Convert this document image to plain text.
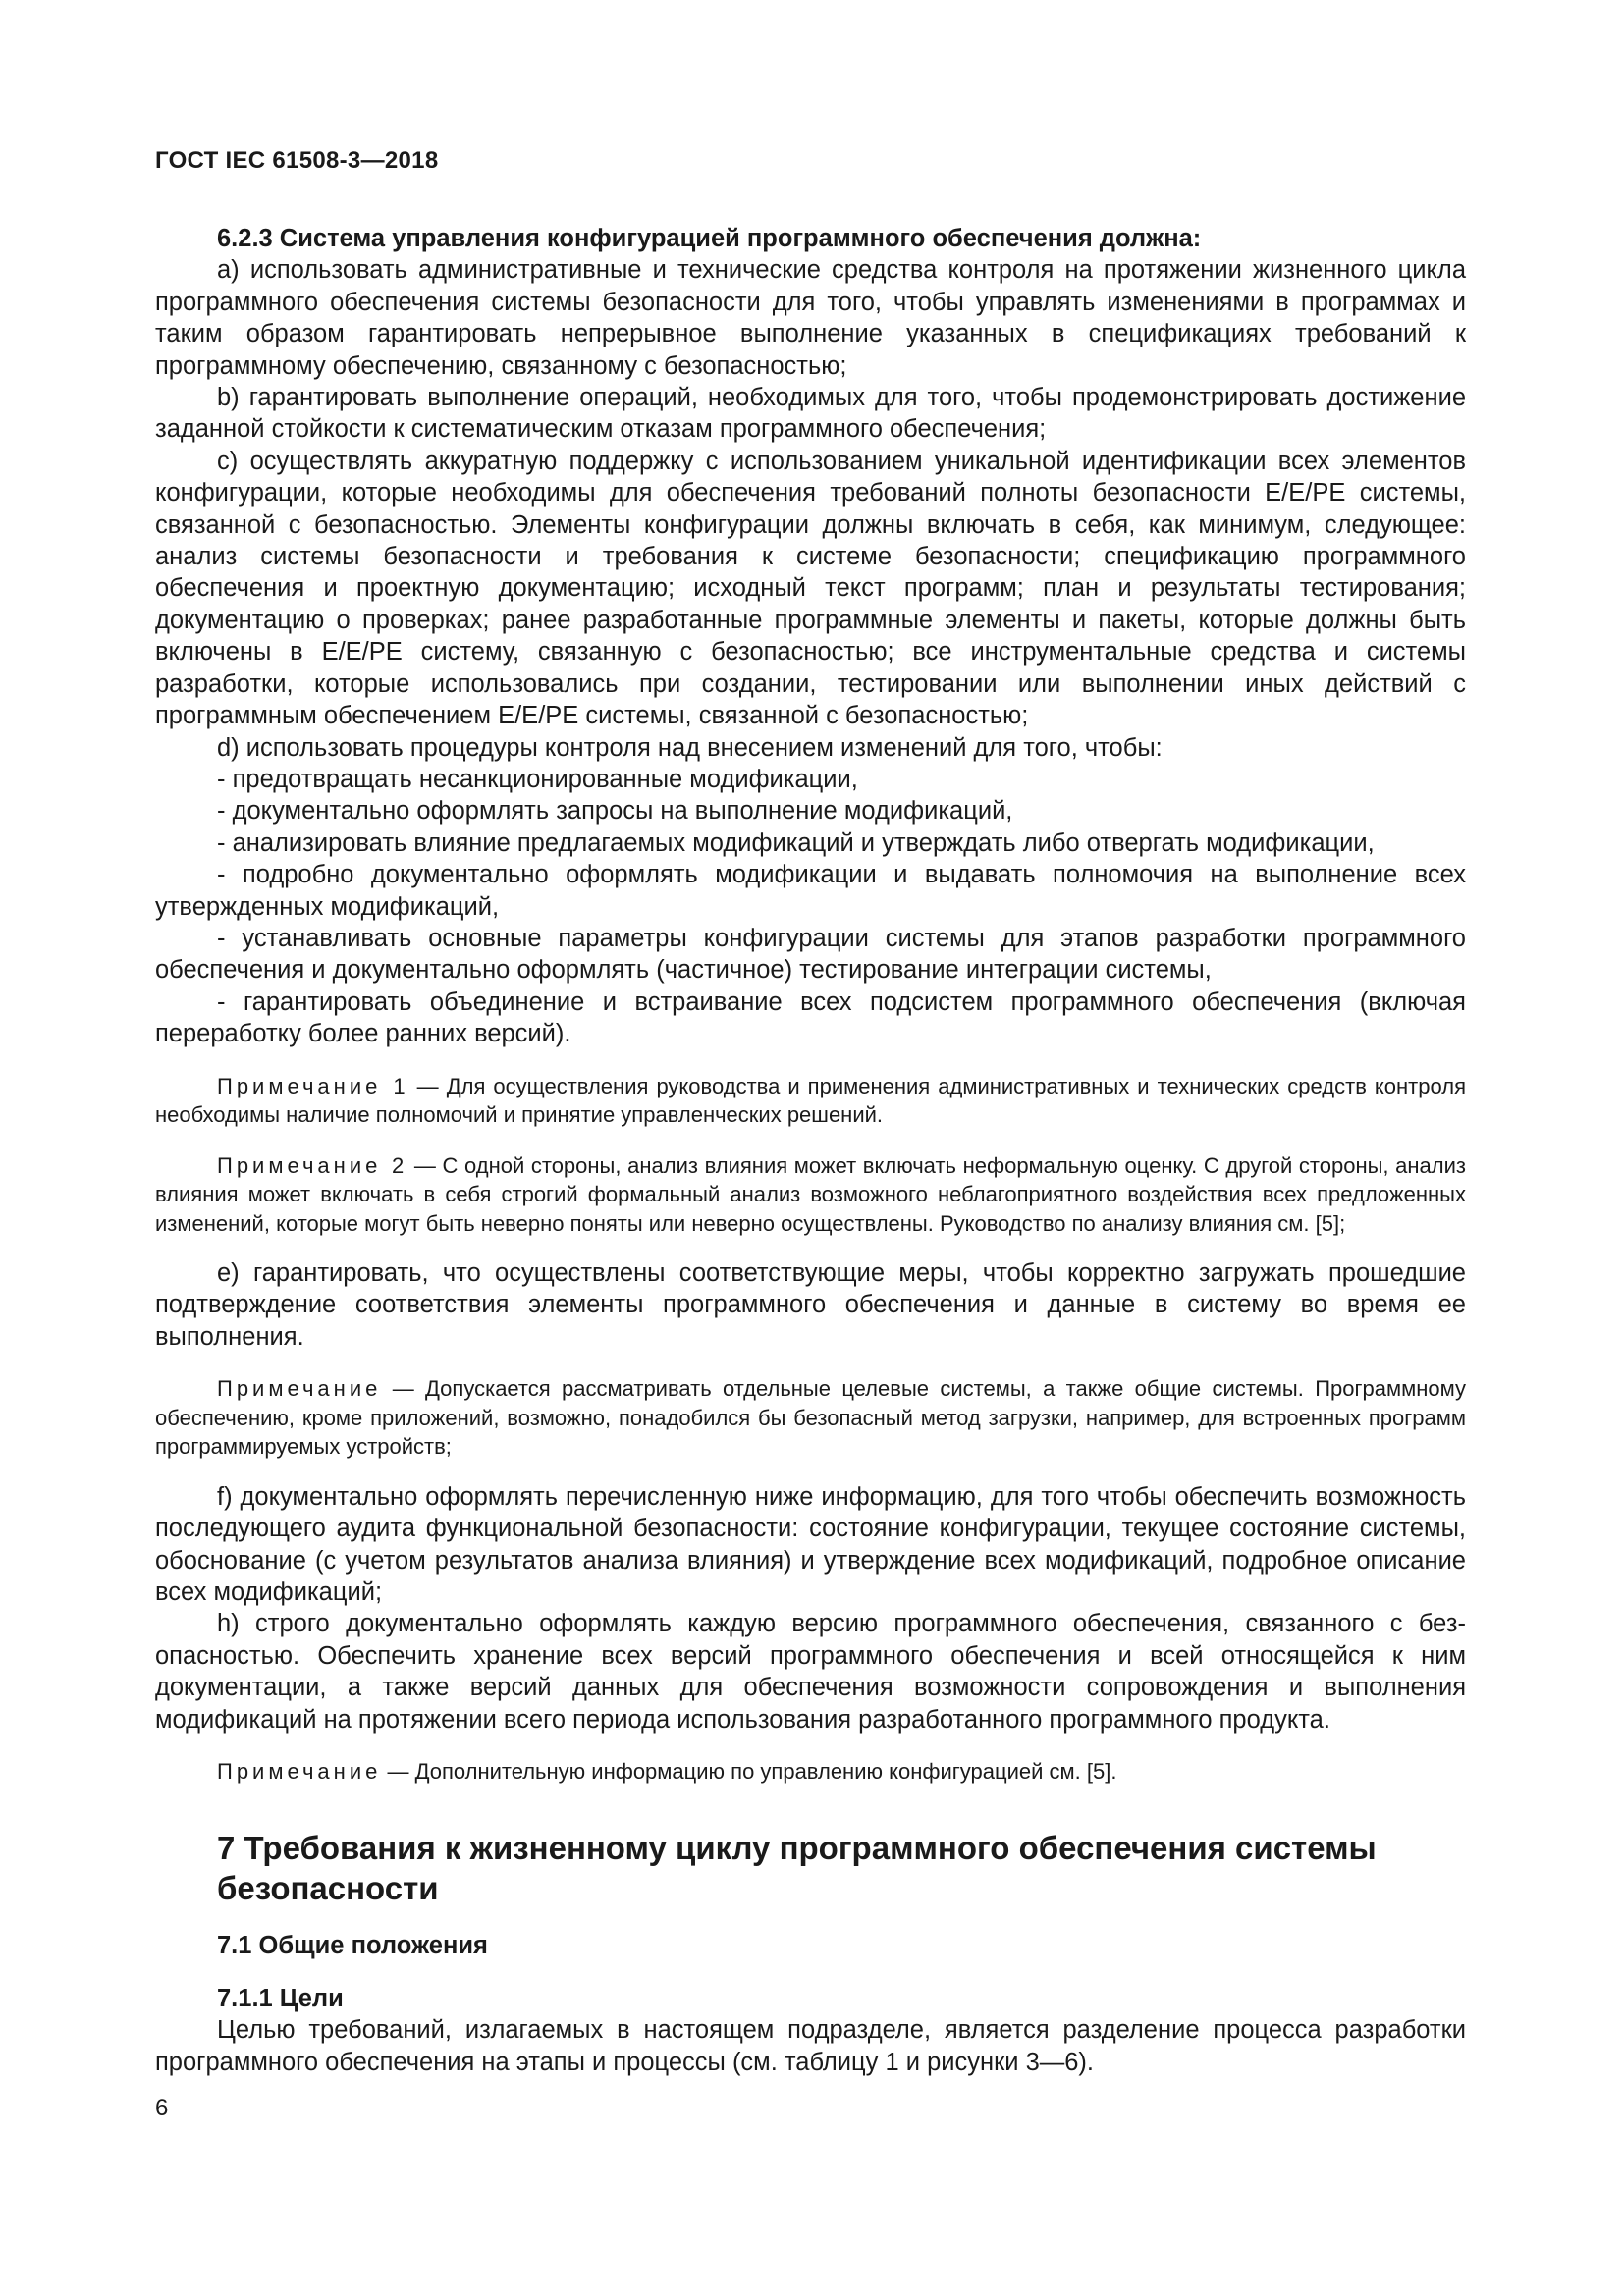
ГОСТ IEC 61508-3—2018

6.2.3 Система управления конфигурацией программного обеспечения должна:

а) использовать административные и технические средства контроля на протяжении жизненного цикла программного обеспечения системы безопасности для того, чтобы управлять изменениями в программах и таким образом гарантировать непрерывное выполнение указанных в спецификациях требований к программному обеспечению, связанному с безопасностью;

b) гарантировать выполнение операций, необходимых для того, чтобы продемонстрировать достижение заданной стойкости к систематическим отказам программного обеспечения;

с) осуществлять аккуратную поддержку с использованием уникальной идентификации всех элементов конфигурации, которые необходимы для обеспечения требований полноты безопасности Е/Е/РЕ системы, связанной с безопасностью. Элементы конфигурации должны включать в себя, как минимум, следующее: анализ системы безопасности и требования к системе безопасности; спецификацию программного обеспечения и проектную документацию; исходный текст программ; план и результаты тестирования; документацию о проверках; ранее разработанные программные элементы и пакеты, которые должны быть включены в Е/Е/РЕ систему, связанную с безопасностью; все инструментальные средства и системы разработки, которые использовались при создании, тестировании или выполнении иных действий с программным обеспечением Е/Е/РЕ системы, связанной с безопасностью;

d) использовать процедуры контроля над внесением изменений для того, чтобы:

- предотвращать несанкционированные модификации,

- документально оформлять запросы на выполнение модификаций,

- анализировать влияние предлагаемых модификаций и утверждать либо отвергать модификации,

- подробно документально оформлять модификации и выдавать полномочия на выполнение всех утвержденных модификаций,

- устанавливать основные параметры конфигурации системы для этапов разработки программного обеспечения и документально оформлять (частичное) тестирование интеграции системы,

- гарантировать объединение и встраивание всех подсистем программного обеспечения (включая переработку более ранних версий).

Примечание 1 — Для осуществления руководства и применения административных и технических средств контроля необходимы наличие полномочий и принятие управленческих решений.

Примечание 2 — С одной стороны, анализ влияния может включать неформальную оценку. С другой стороны, анализ влияния может включать в себя строгий формальный анализ возможного неблагоприятного воздействия всех предложенных изменений, которые могут быть неверно поняты или неверно осуществлены. Руководство по анализу влияния см. [5];

е) гарантировать, что осуществлены соответствующие меры, чтобы корректно загружать прошедшие подтверждение соответствия элементы программного обеспечения и данные в систему во время ее выполнения.

Примечание — Допускается рассматривать отдельные целевые системы, а также общие системы. Программному обеспечению, кроме приложений, возможно, понадобился бы безопасный метод загрузки, например, для встроенных программ программируемых устройств;

f) документально оформлять перечисленную ниже информацию, для того чтобы обеспечить возможность последующего аудита функциональной безопасности: состояние конфигурации, текущее состояние системы, обоснование (с учетом результатов анализа влияния) и утверждение всех модификаций, подробное описание всех модификаций;

h) строго документально оформлять каждую версию программного обеспечения, связанного с безопасностью. Обеспечить хранение всех версий программного обеспечения и всей относящейся к ним документации, а также версий данных для обеспечения возможности сопровождения и выполнения модификаций на протяжении всего периода использования разработанного программного продукта.

Примечание — Дополнительную информацию по управлению конфигурацией см. [5].

7 Требования к жизненному циклу программного обеспечения системы безопасности

7.1 Общие положения

7.1.1 Цели

Целью требований, излагаемых в настоящем подразделе, является разделение процесса разработки программного обеспечения на этапы и процессы (см. таблицу 1 и рисунки 3—6).

6
